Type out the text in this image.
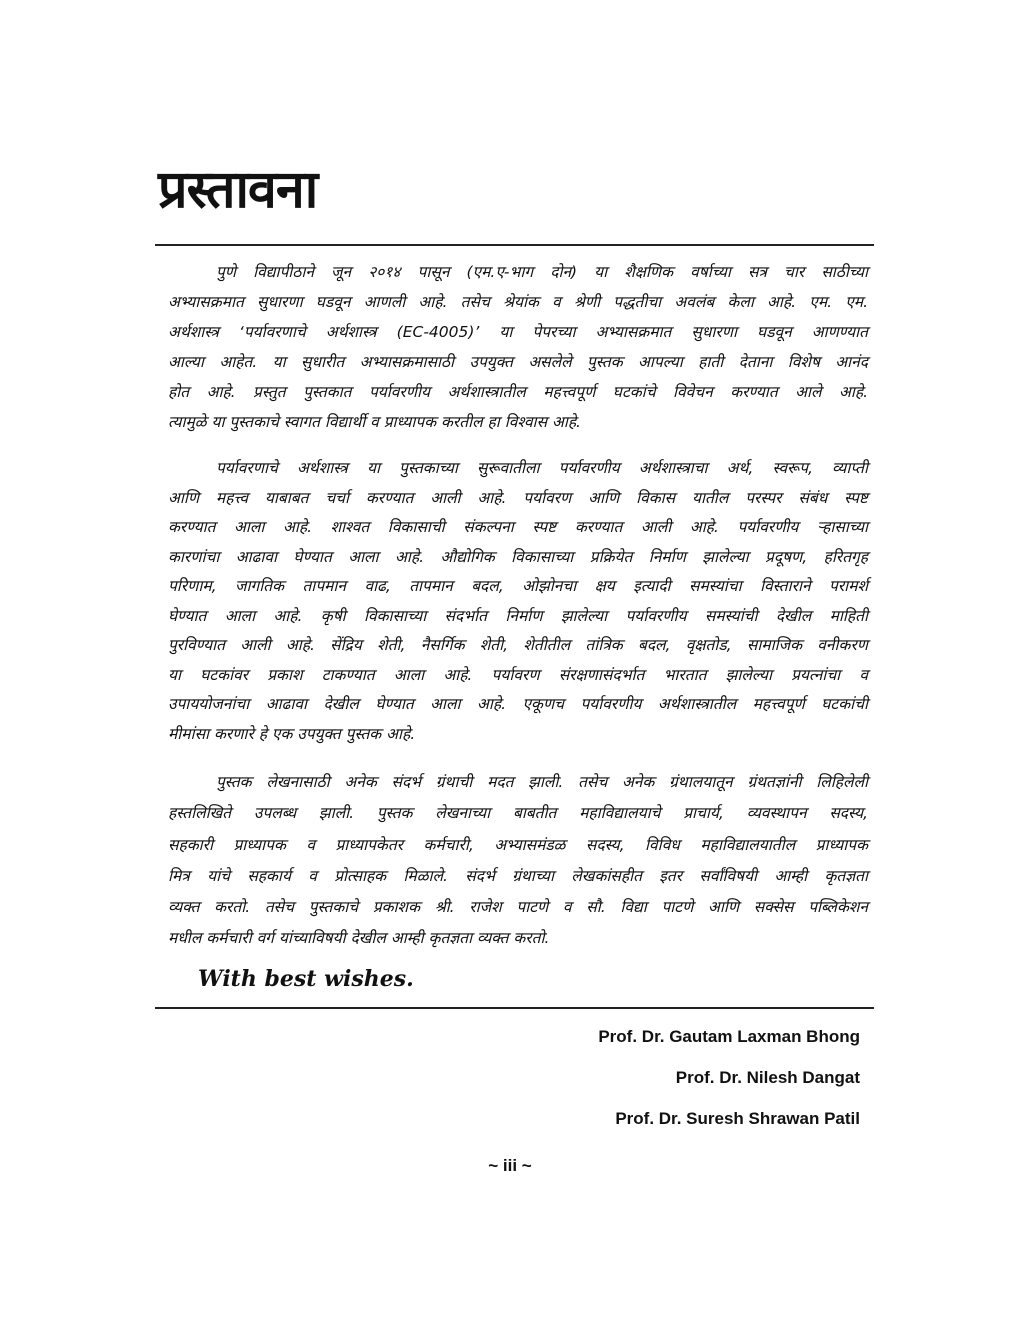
प्रस्तावना
पुणे विद्यापीठाने जून २०१४ पासून (एम.ए-भाग दोन) या शैक्षणिक वर्षाच्या सत्र चार साठीच्या
अभ्यासक्रमात सुधारणा घडवून आणली आहे. तसेच श्रेयांक व श्रेणी पद्धतीचा अवलंब केला आहे. एम. एम.
अर्थशास्त्र ‘पर्यावरणाचे अर्थशास्त्र (EC-4005)’ या पेपरच्या अभ्यासक्रमात सुधारणा घडवून आणण्यात
आल्या आहेत. या सुधारीत अभ्यासक्रमासाठी उपयुक्त असलेले पुस्तक आपल्या हाती देताना विशेष आनंद
होत आहे. प्रस्तुत पुस्तकात पर्यावरणीय अर्थशास्त्रातील महत्त्वपूर्ण घटकांचे विवेचन करण्यात आले आहे.
त्यामुळे या पुस्तकाचे स्वागत विद्यार्थी व प्राध्यापक करतील हा विश्वास आहे.
पर्यावरणाचे अर्थशास्त्र या पुस्तकाच्या सुरूवातीला पर्यावरणीय अर्थशास्त्राचा अर्थ, स्वरूप, व्याप्ती
आणि महत्त्व याबाबत चर्चा करण्यात आली आहे. पर्यावरण आणि विकास यातील परस्पर संबंध स्पष्ट
करण्यात आला आहे. शाश्वत विकासाची संकल्पना स्पष्ट करण्यात आली आहे. पर्यावरणीय ऱ्हासाच्या
कारणांचा आढावा घेण्यात आला आहे. औद्योगिक विकासाच्या प्रक्रियेत निर्माण झालेल्या प्रदूषण, हरितगृह
परिणाम, जागतिक तापमान वाढ, तापमान बदल, ओझोनचा क्षय इत्यादी समस्यांचा विस्ताराने परामर्श
घेण्यात आला आहे. कृषी विकासाच्या संदर्भात निर्माण झालेल्या पर्यावरणीय समस्यांची देखील माहिती
पुरविण्यात आली आहे. सेंद्रिय शेती, नैसर्गिक शेती, शेतीतील तांत्रिक बदल, वृक्षतोड, सामाजिक वनीकरण
या घटकांवर प्रकाश टाकण्यात आला आहे. पर्यावरण संरक्षणासंदर्भात भारतात झालेल्या प्रयत्नांचा व
उपाययोजनांचा आढावा देखील घेण्यात आला आहे. एकूणच पर्यावरणीय अर्थशास्त्रातील महत्त्वपूर्ण घटकांची
मीमांसा करणारे हे एक उपयुक्त पुस्तक आहे.
पुस्तक लेखनासाठी अनेक संदर्भ ग्रंथाची मदत झाली. तसेच अनेक ग्रंथालयातून ग्रंथतज्ञांनी लिहिलेली
हस्तलिखिते उपलब्ध झाली. पुस्तक लेखनाच्या बाबतीत महाविद्यालयाचे प्राचार्य, व्यवस्थापन सदस्य,
सहकारी प्राध्यापक व प्राध्यापकेतर कर्मचारी, अभ्यासमंडळ सदस्य, विविध महाविद्यालयातील प्राध्यापक
मित्र यांचे सहकार्य व प्रोत्साहक मिळाले. संदर्भ ग्रंथाच्या लेखकांसहीत इतर सर्वांविषयी आम्ही कृतज्ञता
व्यक्त करतो. तसेच पुस्तकाचे प्रकाशक श्री. राजेश पाटणे व सौ. विद्या पाटणे आणि सक्सेस पब्लिकेशन
मधील कर्मचारी वर्ग यांच्याविषयी देखील आम्ही कृतज्ञता व्यक्त करतो.
With best wishes.
Prof. Dr. Gautam Laxman Bhong
Prof. Dr. Nilesh Dangat
Prof. Dr. Suresh Shrawan Patil
~ iii ~
